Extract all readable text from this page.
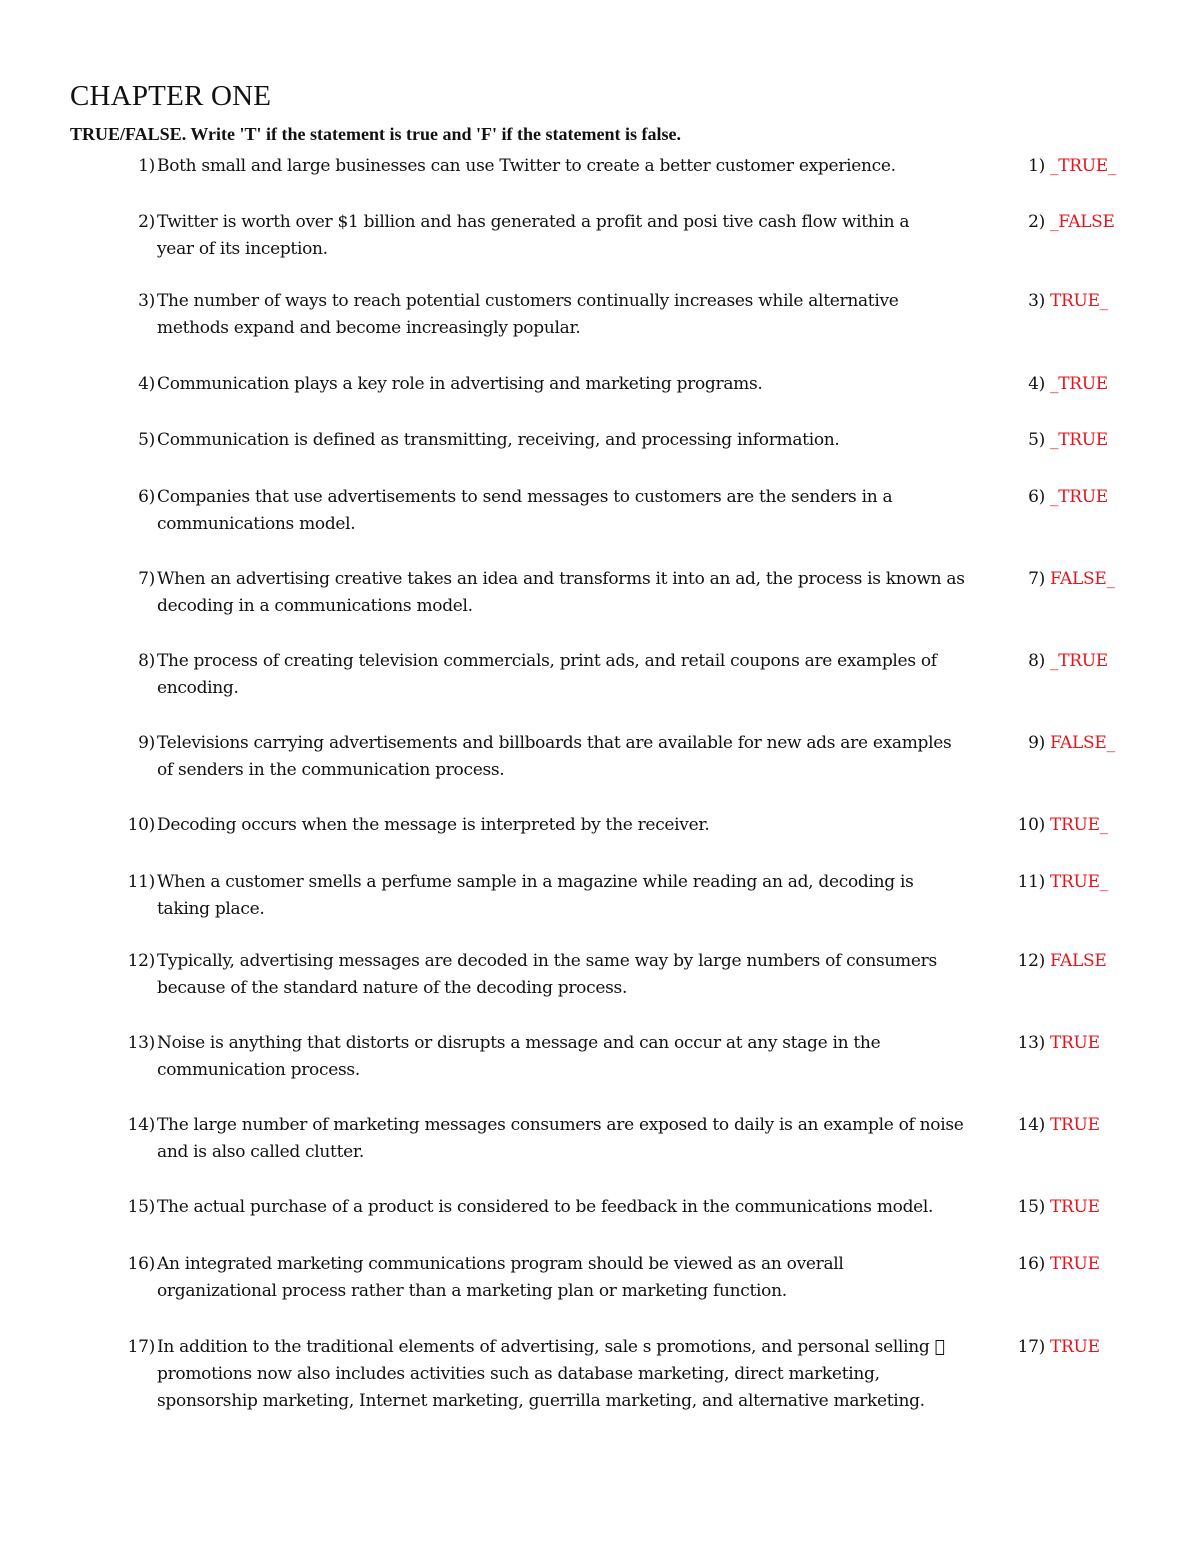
CHAPTER ONE
TRUE/FALSE. Write 'T' if the statement is true and 'F' if the statement is false.
1) Both small and large businesses can use Twitter to create a better customer experience.	1) _TRUE_
2) Twitter is worth over $1 billion and has generated a profit and posi tive cash flow within a
year of its inception.
2) _FALSE
3) The number of ways to reach potential customers continually increases while alternative
methods expand and become increasingly popular.
3) TRUE_
4) Communication plays a key role in advertising and marketing programs.	4) _TRUE
5) Communication is defined as transmitting, receiving, and processing information.	5) _TRUE
6) Companies that use advertisements to send messages to customers are the senders in a
communications model.
6) _TRUE
7) When an advertising creative takes an idea and transforms it into an ad, the process is known as
decoding in a communications model.
7) FALSE_
8) The process of creating television commercials, print ads, and retail coupons are examples of
encoding.
8) _TRUE
9) Televisions carrying advertisements and billboards that are available for new ads are examples
of senders in the communication process.
9) FALSE_
10) Decoding occurs when the message is interpreted by the receiver.	10) TRUE_
11) When a customer smells a perfume sample in a magazine while reading an ad, decoding is
taking place.
11) TRUE_
12) Typically, advertising messages are decoded in the same way by large numbers of consumers
because of the standard nature of the decoding process.
12) FALSE
13) Noise is anything that distorts or disrupts a message and can occur at any stage in the
communication process.
13) TRUE
14) The large number of marketing messages consumers are exposed to daily is an example of noise
and is also called clutter.
14) TRUE
15) The actual purchase of a product is considered to be feedback in the communications model.	15) TRUE
16) An integrated marketing communications program should be viewed as an overall
organizational process rather than a marketing plan or marketing function.
16) TRUE
17) In addition to the traditional elements of advertising, sale s promotions, and personal selling ￿
promotions now also includes activities such as database marketing, direct marketing,
sponsorship marketing, Internet marketing, guerrilla marketing, and alternative marketing.
17) TRUE
